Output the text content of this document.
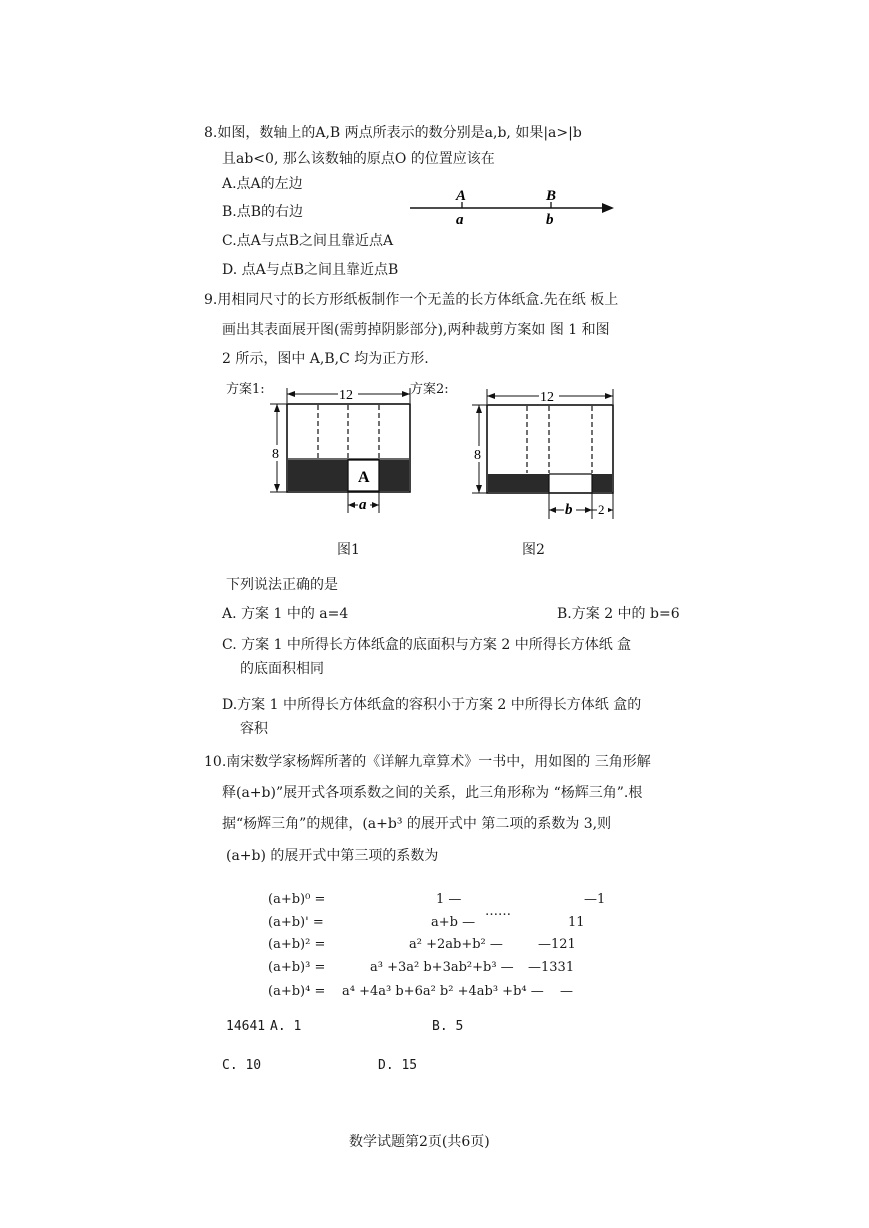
8.如图，数轴上的A,B 两点所表示的数分别是a,b, 如果|a>|b
且ab<0, 那么该数轴的原点O 的位置应该在
A.点A的左边
B.点B的右边
C.点A与点B之间且靠近点A
D. 点A与点B之间且靠近点B
A
a
B
b
9.用相同尺寸的长方形纸板制作一个无盖的长方体纸盒.先在纸 板上
画出其表面展开图(需剪掉阴影部分),两种裁剪方案如 图 1 和图
2 所示，图中 A,B,C 均为正方形.
方案1:	方案2:
12
8
A
a
12
8
b 2
图1	图2
下列说法正确的是
A. 方案 1 中的 a=4	B.方案 2 中的 b=6
C. 方案 1 中所得长方体纸盒的底面积与方案 2 中所得长方体纸 盒
的底面积相同
D.方案 1 中所得长方体纸盒的容积小于方案 2 中所得长方体纸 盒的
容积
10.南宋数学家杨辉所著的《详解九章算术》一书中，用如图的 三角形解
释(a+b)”展开式各项系数之间的关系，此三角形称为 “杨辉三角”.根
据“杨辉三角”的规律，(a+b³ 的展开式中 第二项的系数为 3,则
(a+b) 的展开式中第三项的系数为
(a+b)⁰ =	1 —	—1
(a+b)' =	a+b —
……
11
(a+b)² =	a² +2ab+b² —	—121
(a+b)³ =	a³ +3a² b+3ab²+b³ — —1331
(a+b)⁴ = a⁴ +4a³ b+6a² b² +4ab³ +b⁴ — —
14641 A. 1	B. 5
C. 10	D. 15
数学试题第2页(共6页)
